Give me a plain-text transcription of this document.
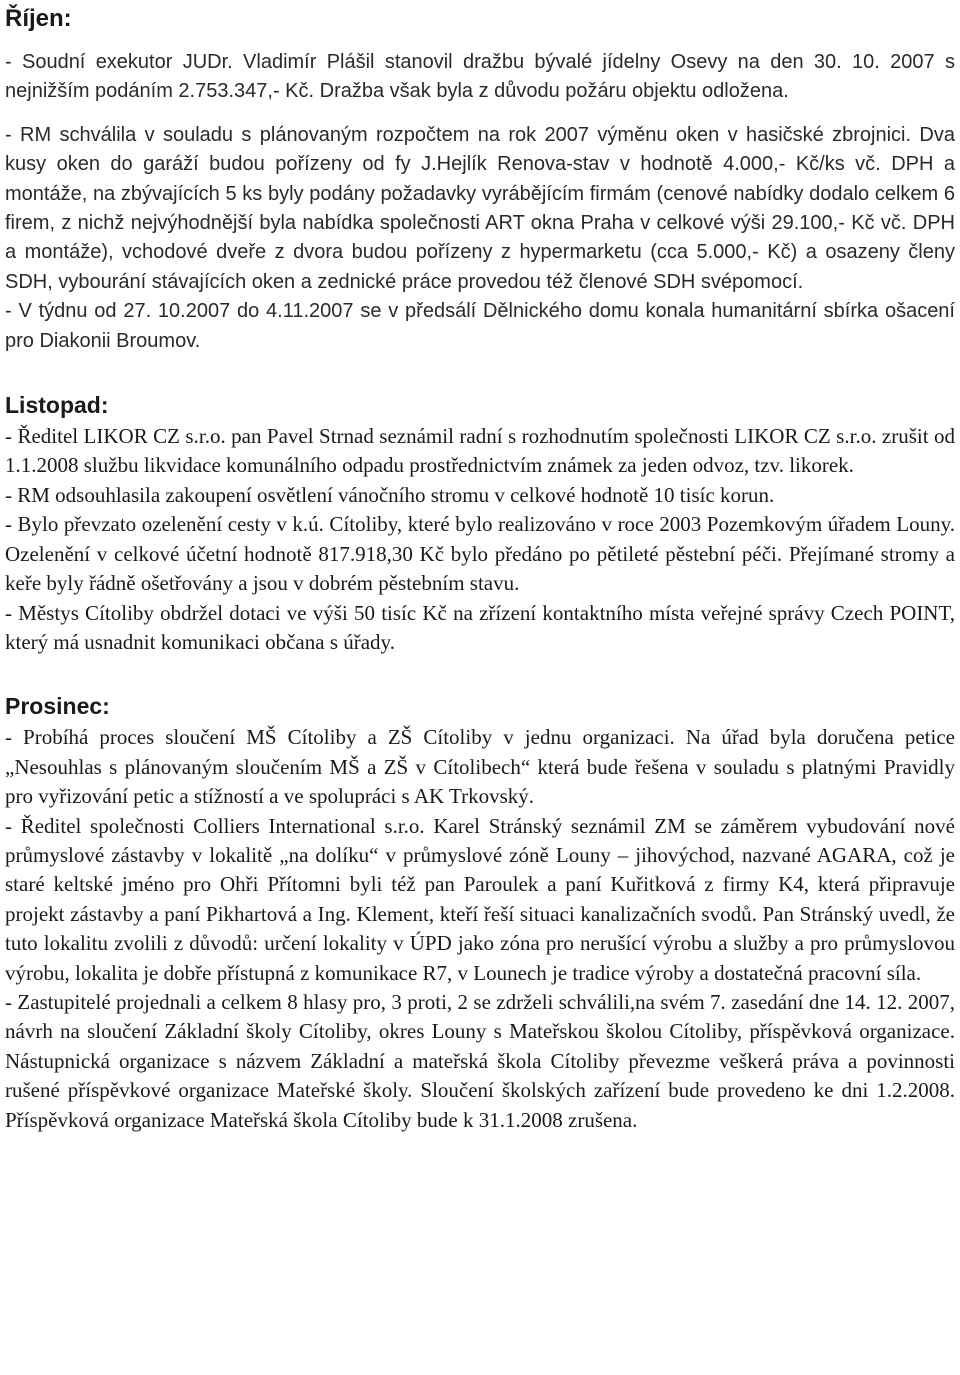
Říjen:

- Soudní exekutor JUDr. Vladimír Plášil stanovil dražbu bývalé jídelny Osevy na den 30. 10. 2007 s nejnižším podáním 2.753.347,- Kč. Dražba však byla z důvodu požáru objektu odložena.

- RM schválila v souladu s plánovaným rozpočtem na rok 2007 výměnu oken v hasičské zbrojnici. Dva kusy oken do garáží budou pořízeny od fy J.Hejlík Renova-stav v hodnotě 4.000,- Kč/ks vč. DPH a montáže, na zbývajících 5 ks byly podány požadavky vyrábějícím firmám (cenové nabídky dodalo celkem 6 firem, z nichž nejvýhodnější byla nabídka společnosti ART okna Praha v celkové výši 29.100,- Kč vč. DPH a montáže), vchodové dveře z dvora budou pořízeny z hypermarketu (cca 5.000,- Kč) a osazeny členy SDH, vybourání stávajících oken a zednické práce provedou též členové SDH svépomocí.

- V týdnu od 27. 10.2007 do 4.11.2007 se v předsálí Dělnického domu konala humanitární sbírka ošacení pro Diakonii Broumov.

Listopad:

- Ředitel LIKOR CZ s.r.o. pan Pavel Strnad seznámil radní s rozhodnutím společnosti LIKOR CZ s.r.o. zrušit od 1.1.2008 službu likvidace komunálního odpadu prostřednictvím známek za jeden odvoz, tzv. likorek.

- RM odsouhlasila zakoupení osvětlení vánočního stromu v celkové hodnotě 10 tisíc korun.

- Bylo převzato ozelenění cesty v k.ú. Cítoliby, které bylo realizováno v roce 2003 Pozemkovým úřadem Louny. Ozelenění v celkové účetní hodnotě 817.918,30 Kč bylo předáno po pětileté pěstební péči. Přejímané stromy a keře byly řádně ošetřovány a jsou v dobrém pěstebním stavu.

- Městys Cítoliby obdržel dotaci ve výši 50 tisíc Kč na zřízení kontaktního místa veřejné správy Czech POINT, který má usnadnit komunikaci občana s úřady.

Prosinec:

- Probíhá proces sloučení MŠ Cítoliby a ZŠ Cítoliby v jednu organizaci. Na úřad byla doručena petice „Nesouhlas s plánovaným sloučením MŠ a ZŠ v Cítolibech“ která bude řešena v souladu s platnými Pravidly pro vyřizování petic a stížností a ve spolupráci s AK Trkovský.

- Ředitel společnosti Colliers International s.r.o. Karel Stránský seznámil ZM se záměrem vybudování nové průmyslové zástavby v lokalitě „na dolíku“ v průmyslové zóně Louny – jihovýchod, nazvané AGARA, což je staré keltské jméno pro Ohři Přítomni byli též pan Paroulek a paní Kuřitková z firmy K4, která připravuje projekt zástavby a paní Pikhartová a Ing. Klement, kteří řeší situaci kanalizačních svodů. Pan Stránský uvedl, že tuto lokalitu zvolili z důvodů: určení lokality v ÚPD jako zóna pro nerušící výrobu a služby a pro průmyslovou výrobu, lokalita je dobře přístupná z komunikace R7, v Lounech je tradice výroby a dostatečná pracovní síla.

- Zastupitelé projednali a celkem 8 hlasy pro, 3 proti, 2 se zdrželi schválili,na svém 7. zasedání dne 14. 12. 2007, návrh na sloučení Základní školy Cítoliby, okres Louny s Mateřskou školou Cítoliby, příspěvková organizace. Nástupnická organizace s názvem Základní a mateřská škola Cítoliby převezme veškerá práva a povinnosti rušené příspěvkové organizace Mateřské školy. Sloučení školských zařízení bude provedeno ke dni 1.2.2008. Příspěvková organizace Mateřská škola Cítoliby bude k 31.1.2008 zrušena.
